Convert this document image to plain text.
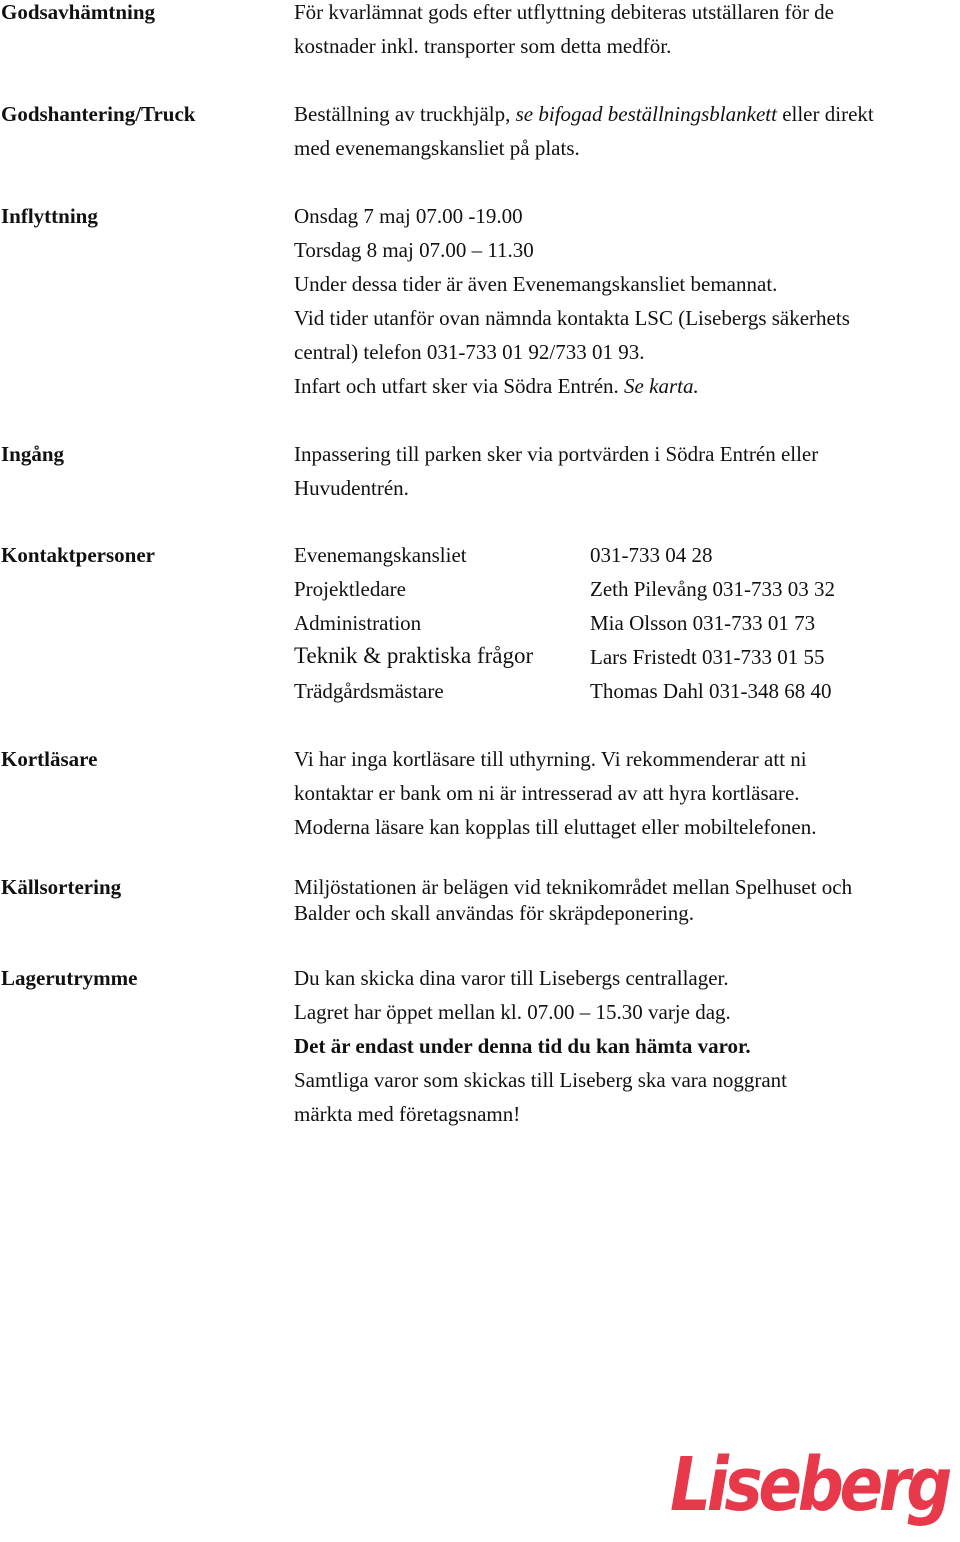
Godsavhämtning	För kvarlämnat gods efter utflyttning debiteras utställaren för de
kostnader inkl. transporter som detta medför.
Godshantering/Truck	Beställning av truckhjälp, se bifogad beställningsblankett eller direkt
med evenemangskansliet på plats.
Inflyttning	Onsdag 7 maj 07.00 -19.00
Torsdag 8 maj 07.00 – 11.30
Under dessa tider är även Evenemangskansliet bemannat.
Vid tider utanför ovan nämnda kontakta LSC (Lisebergs säkerhets
central) telefon 031-733 01 92/733 01 93.
Infart och utfart sker via Södra Entrén. Se karta.
Ingång	Inpassering till parken sker via portvärden i Södra Entrén eller
Huvudentrén.
Kontaktpersoner	Evenemangskansliet	031-733 04 28
Projektledare	Zeth Pilevång 031-733 03 32
Administration	Mia Olsson 031-733 01 73
Teknik & praktiska frågor	Lars Fristedt 031-733 01 55
Trädgårdsmästare	Thomas Dahl 031-348 68 40
Kortläsare	Vi har inga kortläsare till uthyrning. Vi rekommenderar att ni
kontaktar er bank om ni är intresserad av att hyra kortläsare.
Moderna läsare kan kopplas till eluttaget eller mobiltelefonen.
Källsortering	Miljöstationen är belägen vid teknikområdet mellan Spelhuset och
Balder och skall användas för skräpdeponering.
Lagerutrymme	Du kan skicka dina varor till Lisebergs centrallager.
Lagret har öppet mellan kl. 07.00 – 15.30 varje dag.
Det är endast under denna tid du kan hämta varor.
Samtliga varor som skickas till Liseberg ska vara noggrant
märkta med företagsnamn!
Liseberg
